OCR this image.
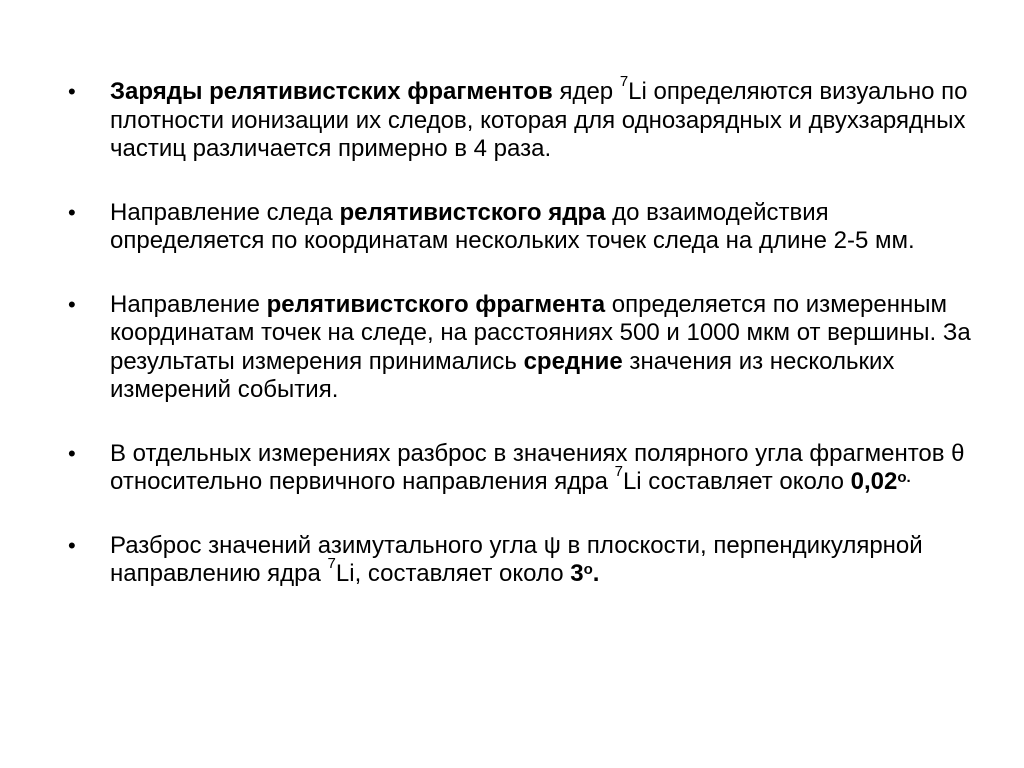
•	Заряды релятивистских фрагментов ядер $^7$Li определяются визуально по плотности ионизации их следов, которая для однозарядных и двухзарядных частиц различается примерно в 4 раза.
•	Направление следа релятивистского ядра до взаимодействия определяется по координатам нескольких точек следа на длине 2-5 мм.
•	Направление релятивистского фрагмента определяется по измеренным координатам точек на следе, на расстояниях 500 и 1000 мкм от вершины. За результаты измерения принимались средние значения из нескольких измерений события.
•	В отдельных измерениях разброс в значениях полярного угла фрагментов θ относительно первичного направления ядра $^7$Li составляет около $0,02^{о.}$
•	Разброс значений азимутального угла ψ в плоскости, перпендикулярной направлению ядра $^7$Li, составляет около $3^о$.
